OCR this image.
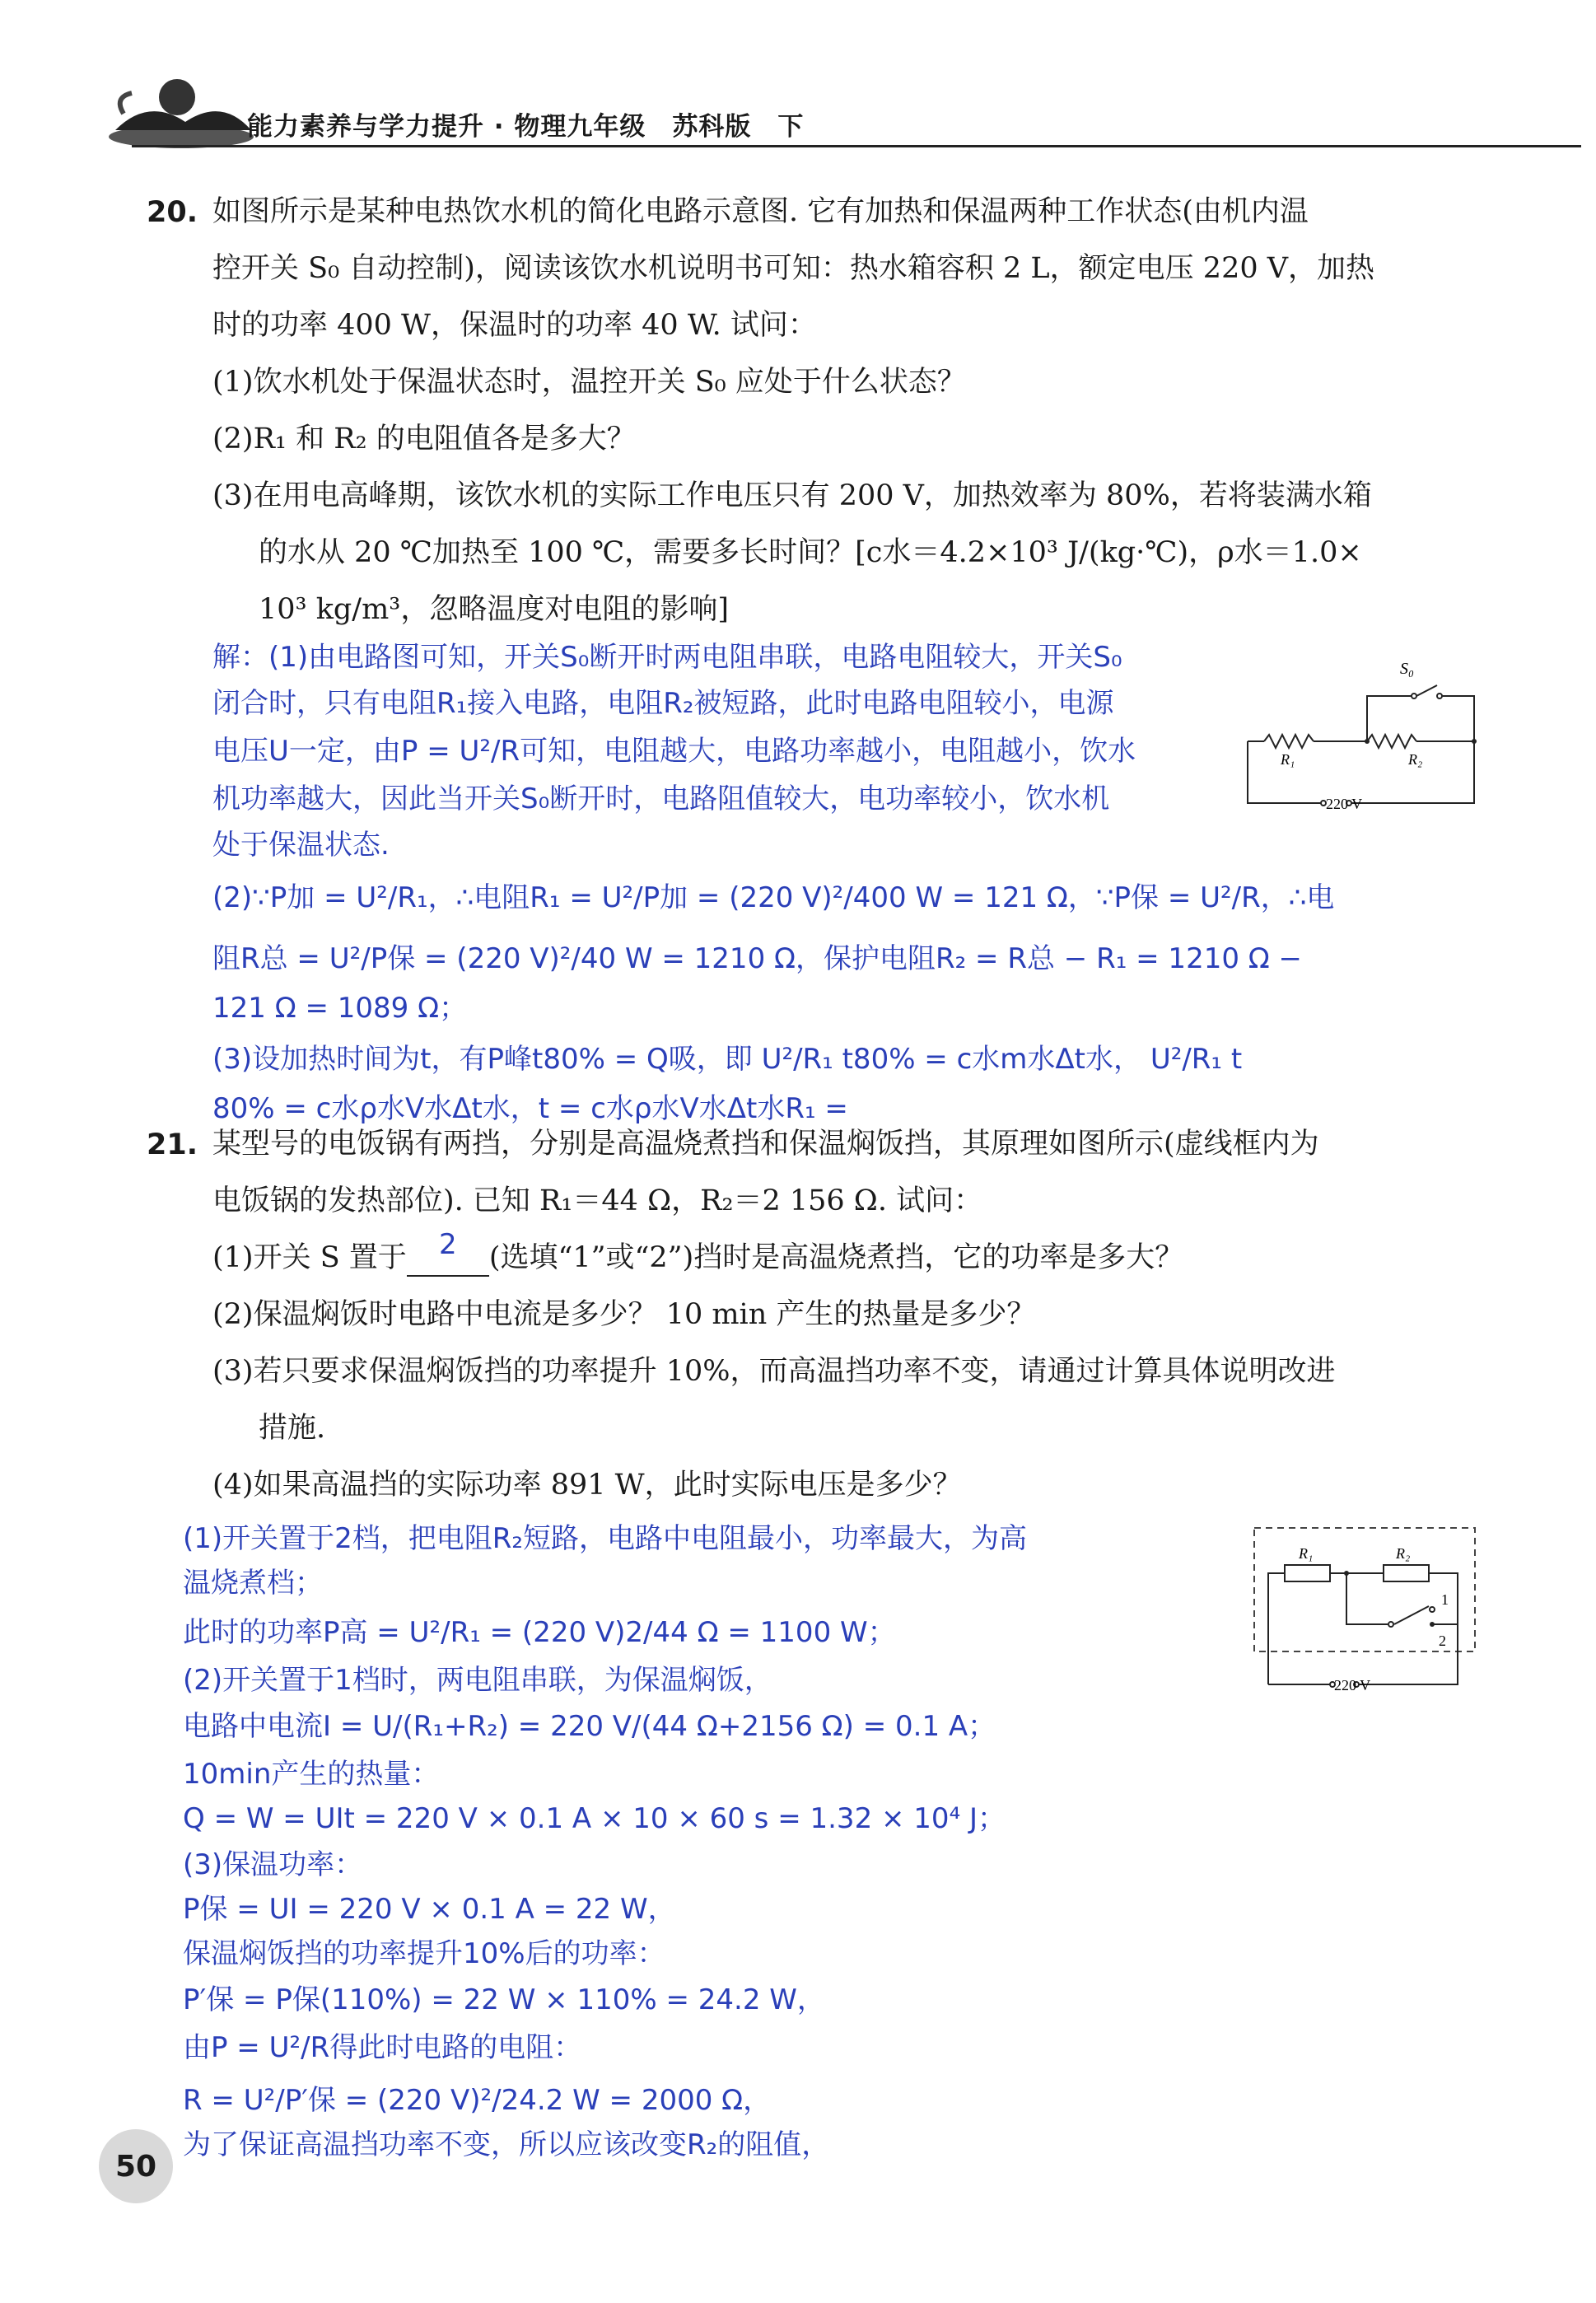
能力素养与学力提升 · 物理九年级　苏科版　下
20. 如图所示是某种电热饮水机的简化电路示意图. 它有加热和保温两种工作状态(由机内温
控开关 S₀ 自动控制)，阅读该饮水机说明书可知：热水箱容积 2 L，额定电压 220 V，加热
时的功率 400 W，保温时的功率 40 W. 试问：
(1)饮水机处于保温状态时，温控开关 S₀ 应处于什么状态？
(2)R₁ 和 R₂ 的电阻值各是多大？
(3)在用电高峰期，该饮水机的实际工作电压只有 200 V，加热效率为 80%，若将装满水箱
的水从 20 ℃加热至 100 ℃，需要多长时间？[c水＝4.2×10³ J/(kg·℃)，ρ水＝1.0×
10³ kg/m³，忽略温度对电阻的影响]
解：(1)由电路图可知，开关S₀断开时两电阻串联，电路电阻较大，开关S₀
闭合时，只有电阻R₁接入电路，电阻R₂被短路，此时电路电阻较小，电源
电压U一定，由P = U²/R可知，电阻越大，电路功率越小，电阻越小，饮水
机功率越大，因此当开关S₀断开时，电路阻值较大，电功率较小，饮水机
处于保温状态.
(2)∵P加 = U²/R₁，∴电阻R₁ = U²/P加 = (220 V)²/400 W = 121 Ω，∵P保 = U²/R，∴电
阻R总 = U²/P保 = (220 V)²/40 W = 1210 Ω，保护电阻R₂ = R总 − R₁ = 1210 Ω −
121 Ω = 1089 Ω；
(3)设加热时间为t，有P峰t80% = Q吸，即 U²/R₁ t80% = c水m水Δt水， U²/R₁ t
80% = c水ρ水V水Δt水，t = c水ρ水V水Δt水R₁ =
S₀
R₁	R₂
220 V
21. 某型号的电饭锅有两挡，分别是高温烧煮挡和保温焖饭挡，其原理如图所示(虚线框内为
电饭锅的发热部位). 已知 R₁＝44 Ω，R₂＝2 156 Ω. 试问：
(1)开关 S 置于 2 (选填“1”或“2”)挡时是高温烧煮挡，它的功率是多大？
(2)保温焖饭时电路中电流是多少？ 10 min 产生的热量是多少？
(3)若只要求保温焖饭挡的功率提升 10%，而高温挡功率不变，请通过计算具体说明改进
措施.
(4)如果高温挡的实际功率 891 W，此时实际电压是多少？
(1)开关置于2档，把电阻R₂短路，电路中电阻最小，功率最大，为高
温烧煮档；
此时的功率P高 = U²/R₁ = (220 V)2/44 Ω = 1100 W；
(2)开关置于1档时，两电阻串联，为保温焖饭，
电路中电流I = U/(R₁+R₂) = 220 V/(44 Ω+2156 Ω) = 0.1 A；
10min产生的热量：
Q = W = UIt = 220 V × 0.1 A × 10 × 60 s = 1.32 × 10⁴ J；
(3)保温功率：
P保 = UI = 220 V × 0.1 A = 22 W，
保温焖饭挡的功率提升10%后的功率：
P′保 = P保(110%) = 22 W × 110% = 24.2 W，
由P = U²/R得此时电路的电阻：
R = U²/P′保 = (220 V)²/24.2 W = 2000 Ω，
为了保证高温挡功率不变，所以应该改变R₂的阻值，
R₁	R₂
1
2
220 V
50
